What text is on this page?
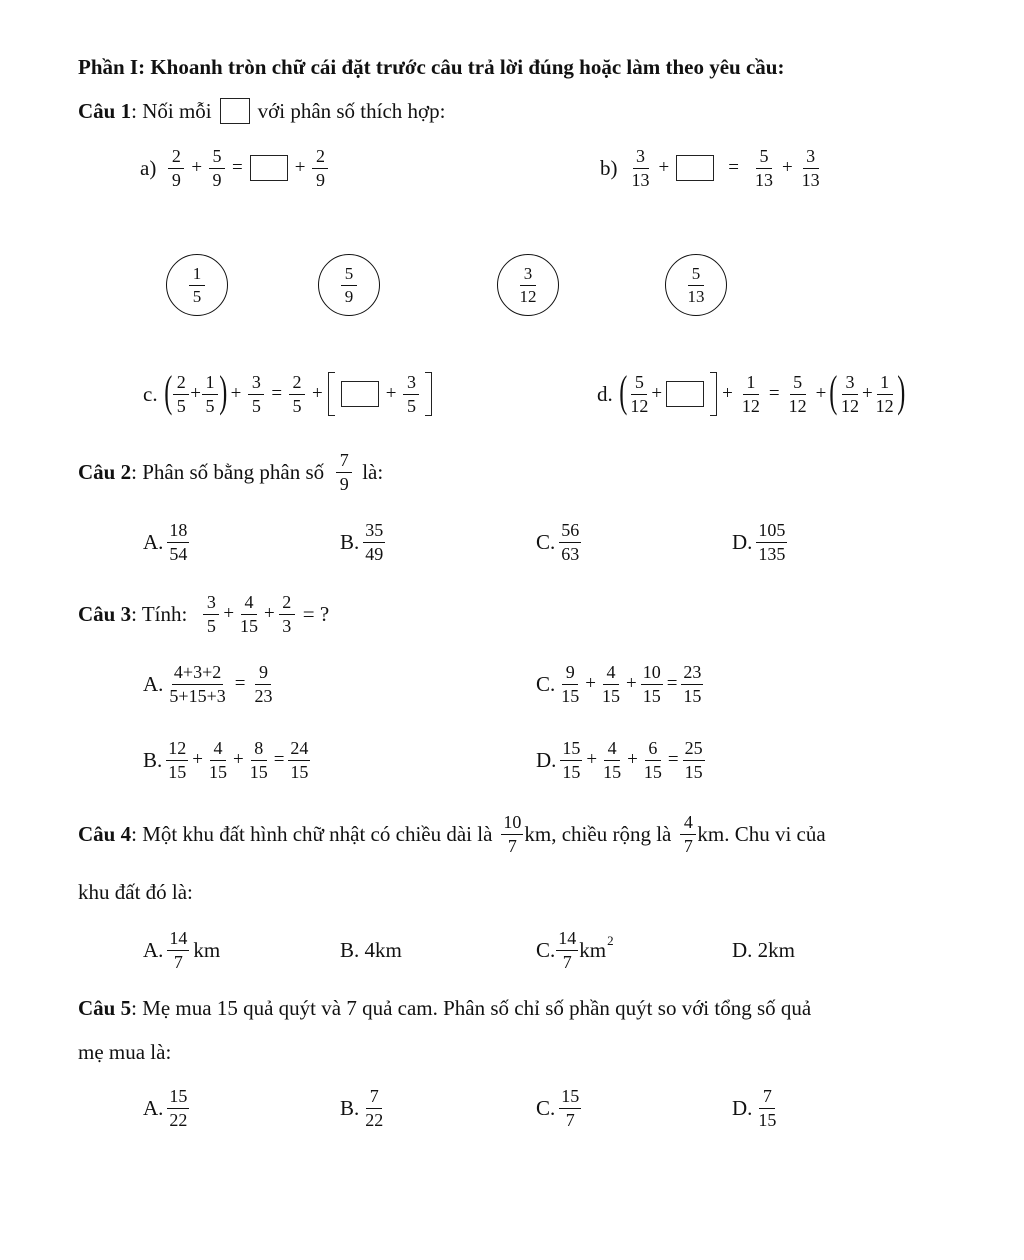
Phần I: Khoanh tròn chữ cái đặt trước câu trả lời đúng hoặc làm theo yêu cầu:
Câu 1 : Nối mỗi với phân số thích hợp:
$a) \frac{2}{9} + \frac{5}{9}$ =	+ $\frac{2}{9}$	$b) \frac{3}{13}$ +	= $\frac{5}{13} + \frac{3}{13}$
$\frac{1}{5}$	$\frac{5}{9}$	$\frac{3}{12}$	$\frac{5}{13}$
c. ( $\frac{2}{5} + \frac{1}{5}$ ) + $\frac{3}{5} = \frac{2}{5}$ +	+ $\frac{3}{5}$	d. ( $\frac{5}{12}$ +	+ $\frac{1}{12} = \frac{5}{12}$ + ( $\frac{3}{12} + \frac{1}{12}$ )
Câu 2 : Phân số bằng phân số $\frac{7}{9}$ là:
A. $\frac{18}{54}$	B. $\frac{35}{49}$	C. $\frac{56}{63}$	D. $\frac{105}{135}$
Câu 3 : Tính: $\frac{3}{5} + \frac{4}{15} + \frac{2}{3}$ = ?
A. $\frac{4+3+2}{5+15+3} = \frac{9}{23}$	C. $\frac{9}{15} + \frac{4}{15} + \frac{10}{15} = \frac{23}{15}$
B. $\frac{12}{15} + \frac{4}{15} + \frac{8}{15} = \frac{24}{15}$	D. $\frac{15}{15} + \frac{4}{15} + \frac{6}{15} = \frac{25}{15}$
Câu 4 : Một khu đất hình chữ nhật có chiều dài là $\frac{10}{7}$ km, chiều rộng là $\frac{4}{7}$ km. Chu vi của
khu đất đó là:
A. $\frac{14}{7}$ km	B. 4km	C. $\frac{14}{7}$ km 2	D. 2km
Câu 5 : Mẹ mua 15 quả quýt và 7 quả cam. Phân số chỉ số phần quýt so với tổng số quả
mẹ mua là:
A. $\frac{15}{22}$	B. $\frac{7}{22}$	C. $\frac{15}{7}$	D. $\frac{7}{15}$
